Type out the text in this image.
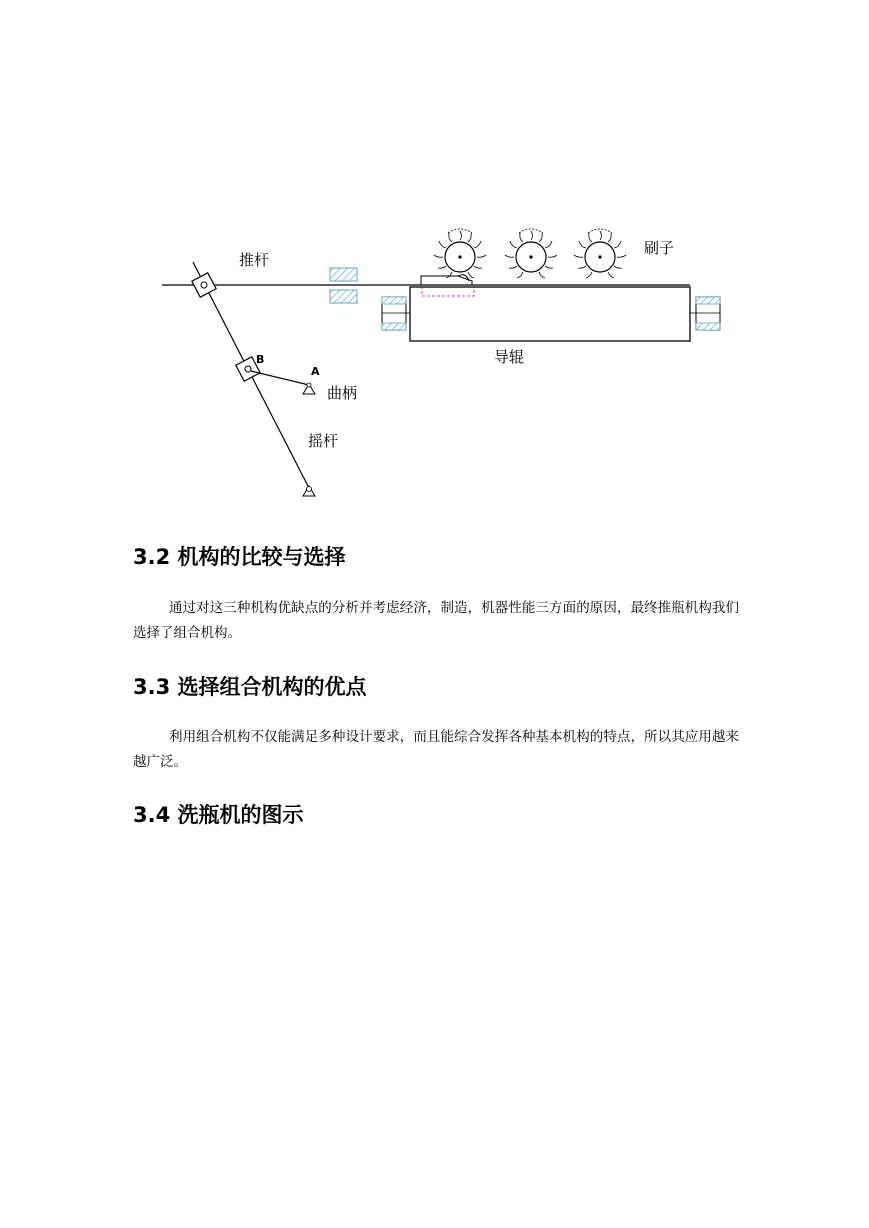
推杆
刷子
导辊
曲柄
摇杆
A
B
3.2 机构的比较与选择

通过对这三种机构优缺点的分析并考虑经济，制造，机器性能三方面的原因，最终推瓶机构我们选择了组合机构。

3.3 选择组合机构的优点

利用组合机构不仅能满足多种设计要求，而且能综合发挥各种基本机构的特点，所以其应用越来越广泛。

3.4 洗瓶机的图示
